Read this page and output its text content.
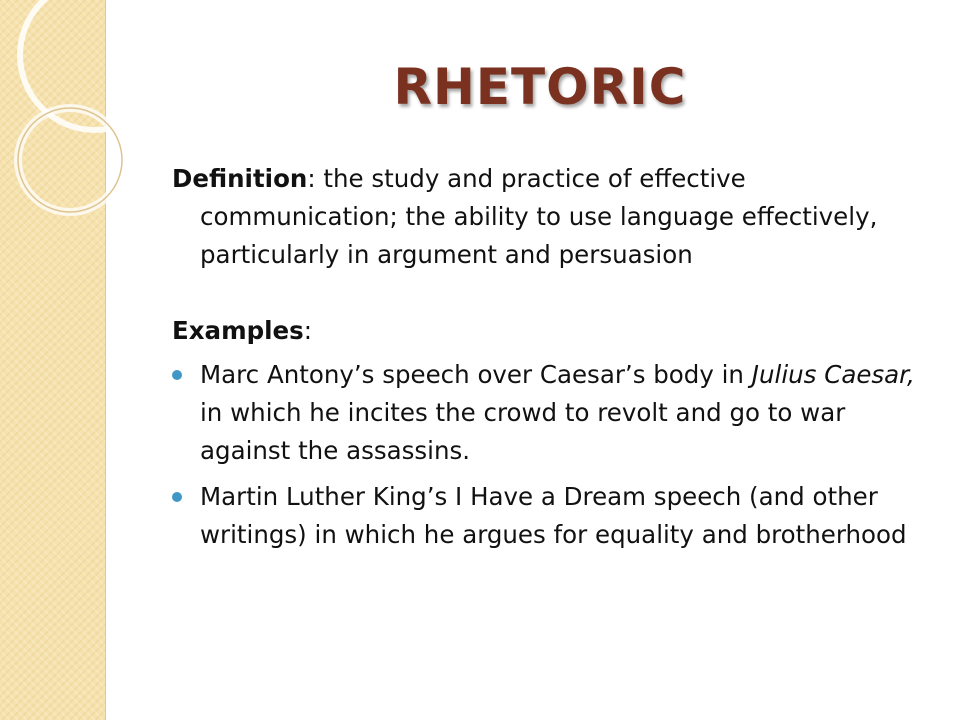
RHETORIC

Definition: the study and practice of effective communication; the ability to use language effectively, particularly in argument and persuasion

Examples:

Marc Antony’s speech over Caesar’s body in Julius Caesar, in which he incites the crowd to revolt and go to war against the assassins.
Martin Luther King’s I Have a Dream speech (and other writings) in which he argues for equality and brotherhood
